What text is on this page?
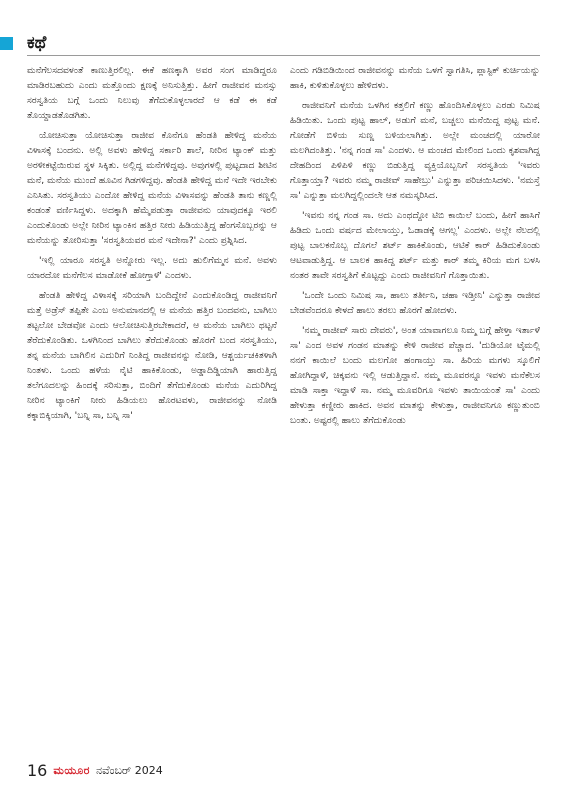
ಕಥೆ

ಮನೆಗೆಲಸದವಳಂತೆ ಕಾಣುತ್ತಿರಲಿಲ್ಲ. ಈಕೆ ಹಣಕ್ಕಾಗಿ ಅವರ ಸಂಗ ಮಾಡಿದ್ದರೂ ಮಾಡಿರಬಹುದು ಎಂದು ಮತ್ತೊಂದು ಕ್ಷಣಕ್ಕೆ ಅನಿಸುತ್ತಿತ್ತು. ಹೀಗೆ ರಾಜೀವನ ಮನಸ್ಸು ಸರಸ್ವತಿಯ ಬಗ್ಗೆ ಒಂದು ನಿಲುವು ತೆಗೆದುಕೊಳ್ಳಲಾರದೆ ಆ ಕಡೆ ಈ ಕಡೆ ತೊಯ್ದಾಡತೊಡಗಿತು.

ಯೋಚಿಸುತ್ತಾ ಯೋಚಿಸುತ್ತಾ ರಾಜೀವ ಕೊನೆಗೂ ಹೆಂಡತಿ ಹೇಳಿದ್ದ ಮನೆಯ ವಿಳಾಸಕ್ಕೆ ಬಂದನು. ಅಲ್ಲಿ ಅವಳು ಹೇಳಿದ್ದ ಸರ್ಕಾರಿ ಶಾಲೆ, ನೀರಿನ ಟ್ಯಾಂಕ್ ಮತ್ತು ಅರಳೀಕಟ್ಟೆಯಿರುವ ಸ್ಥಳ ಸಿಕ್ಕಿತು. ಅಲ್ಲಿದ್ದ ಮನೆಗಳಿದ್ದವು. ಅವುಗಳಲ್ಲಿ ಪುಟ್ಟದಾದ ಶೀಟಿನ ಮನೆ, ಮನೆಯ ಮುಂದೆ ಹೂವಿನ ಗಿಡಗಳಿದ್ದವು. ಹೆಂಡತಿ ಹೇಳಿದ್ದ ಮನೆ ಇದೇ ಇರಬೇಕು ಎನಿಸಿತು. ಸರಸ್ವತಿಯು ಎಂದೋ ಹೇಳಿದ್ದ ಮನೆಯ ವಿಳಾಸವನ್ನು ಹೆಂಡತಿ ತಾನು ಕಣ್ಣಲ್ಲಿ ಕಂಡಂತೆ ವರ್ಣಿಸಿದ್ದಳು. ಅದಕ್ಕಾಗಿ ಹೆಮ್ಮೆಪಡುತ್ತಾ ರಾಜೀವನು ಯಾವುದಕ್ಕೂ ಇರಲಿ ಎಂದುಕೊಂಡು ಅಲ್ಲೇ ನೀರಿನ ಟ್ಯಾಂಕಿನ ಹತ್ತಿರ ನೀರು ಹಿಡಿಯುತ್ತಿದ್ದ ಹೆಂಗಸೊಬ್ಬರನ್ನು ಆ ಮನೆಯನ್ನು ತೋರಿಸುತ್ತಾ 'ಸರಸ್ವತಿಯವರ ಮನೆ ಇದೇನಾ?' ಎಂದು ಪ್ರಶ್ನಿಸಿದ.

'ಇಲ್ಲಿ ಯಾರೂ ಸರಸ್ವತಿ ಅನ್ನೋರು ಇಲ್ಲ. ಅದು ಹುಲಿಗೆಮ್ಮನ ಮನೆ. ಅವಳು ಯಾರದೋ ಮನೆಗೆಲಸ ಮಾಡೋಕೆ ಹೋಗ್ತಾಳೆ' ಎಂದಳು.

ಹೆಂಡತಿ ಹೇಳಿದ್ದ ವಿಳಾಸಕ್ಕೆ ಸರಿಯಾಗಿ ಬಂದಿದ್ದೇನೆ ಎಂದುಕೊಂಡಿದ್ದ ರಾಜೀವನಿಗೆ ಮತ್ತೆ ಅಡ್ರೆಸ್ ತಪ್ಪಿತೇ ಎಂಬ ಅನುಮಾನದಲ್ಲಿ ಆ ಮನೆಯ ಹತ್ತಿರ ಬಂದವನು, ಬಾಗಿಲು ತಟ್ಟಲೋ ಬೇಡವೋ ಎಂದು ಆಲೋಚಿಸುತ್ತಿರಬೇಕಾದರೆ, ಆ ಮನೆಯ ಬಾಗಿಲು ಥಟ್ಟನೆ ತೆರೆದುಕೊಂಡಿತು. ಒಳಗಿನಿಂದ ಬಾಗಿಲು ತೆರೆದುಕೊಂಡು ಹೊರಗೆ ಬಂದ ಸರಸ್ವತಿಯು, ತನ್ನ ಮನೆಯ ಬಾಗಿಲಿನ ಎದುರಿಗೆ ನಿಂತಿದ್ದ ರಾಜೀವನನ್ನು ನೋಡಿ, ಆಶ್ಚರ್ಯಚಕಿತಳಾಗಿ ನಿಂತಳು. ಒಂದು ಹಳೆಯ ನೈಟಿ ಹಾಕಿಕೊಂಡು, ಅಡ್ಡಾದಿಡ್ಡಿಯಾಗಿ ಹಾರುತ್ತಿದ್ದ ತಲೆಗೂದಲನ್ನು ಹಿಂದಕ್ಕೆ ಸರಿಸುತ್ತಾ, ಬಿಂದಿಗೆ ತೆಗೆದುಕೊಂಡು ಮನೆಯ ಎದುರಿಗಿದ್ದ ನೀರಿನ ಟ್ಯಾಂಕಿಗೆ ನೀರು ಹಿಡಿಯಲು ಹೊರಟವಳು, ರಾಜೀವನನ್ನು ನೋಡಿ ಕಕ್ಕಾಬಿಕ್ಕಿಯಾಗಿ, 'ಬನ್ನಿ ಸಾ, ಬನ್ನಿ ಸಾ'

ಎಂದು ಗಡಿಬಿಡಿಯಿಂದ ರಾಜೀವನನ್ನು ಮನೆಯ ಒಳಗೆ ಸ್ವಾಗತಿಸಿ, ಪ್ಲಾಸ್ಟಿಕ್ ಕುರ್ಚಿಯನ್ನು ಹಾಕಿ, ಕುಳಿತುಕೊಳ್ಳಲು ಹೇಳಿದಳು.

ರಾಜೀವನಿಗೆ ಮನೆಯ ಒಳಗಿನ ಕತ್ತಲಿಗೆ ಕಣ್ಣು ಹೊಂದಿಸಿಕೊಳ್ಳಲು ಎರಡು ನಿಮಿಷ ಹಿಡಿಯಿತು. ಒಂದು ಪುಟ್ಟ ಹಾಲ್, ಅಡುಗೆ ಮನೆ, ಬಚ್ಚಲು ಮನೆಯಿದ್ದ ಪುಟ್ಟ ಮನೆ. ಗೋಡೆಗೆ ಬಿಳಿಯ ಸುಣ್ಣ ಬಳಿಯಲಾಗಿತ್ತು. ಅಲ್ಲೇ ಮಂಚದಲ್ಲಿ ಯಾರೋ ಮಲಗಿದಂತಿತ್ತು. 'ನನ್ನ ಗಂಡ ಸಾ' ಎಂದಳು. ಆ ಮಂಚದ ಮೇಲಿಂದ ಒಂದು ಕೃಶವಾಗಿದ್ದ ದೇಹದಿಂದ ಪಿಳಿಪಿಳಿ ಕಣ್ಣು ಬಿಡುತ್ತಿದ್ದ ವ್ಯಕ್ತಿಯೊಬ್ಬನಿಗೆ ಸರಸ್ವತಿಯ 'ಇವರು ಗೊತ್ತಾಯ್ತಾ? ಇವರು ನಮ್ಮ ರಾಜೀವ್ ಸಾಹೇಬ್ರು' ಎನ್ನುತ್ತಾ ಪರಿಚಯಿಸಿದಳು. 'ನಮಸ್ತೆ ಸಾ' ಎನ್ನುತ್ತಾ ಮಲಗಿದ್ದಲ್ಲಿಂದಲೇ ಆತ ನಮಸ್ಕರಿಸಿದ.

'ಇವನು ನನ್ನ ಗಂಡ ಸಾ. ಅದು ಎಂಥದ್ದೋ ಟಿಬಿ ಕಾಯಿಲೆ ಬಂದು, ಹೀಗೆ ಹಾಸಿಗೆ ಹಿಡಿದು ಒಂದು ವರ್ಷದ ಮೇಲಾಯ್ತು, ಓಡಾಡಕ್ಕೆ ಆಗಲ್ಲ' ಎಂದಳು. ಅಲ್ಲೇ ನೆಲದಲ್ಲಿ ಪುಟ್ಟ ಬಾಲಕನೊಬ್ಬ ದೊಗಲೆ ಶರ್ಟ್ ಹಾಕಿಕೊಂಡು, ಆಟಿಕೆ ಕಾರ್ ಹಿಡಿದುಕೊಂಡು ಆಟವಾಡುತ್ತಿದ್ದ. ಆ ಬಾಲಕ ಹಾಕಿದ್ದ ಶರ್ಟ್ ಮತ್ತು ಕಾರ್ ತಮ್ಮ ಕಿರಿಯ ಮಗ ಬಳಸಿ ನಂತರ ತಾವೇ ಸರಸ್ವತಿಗೆ ಕೊಟ್ಟದ್ದು ಎಂದು ರಾಜೀವನಿಗೆ ಗೊತ್ತಾಯಿತು.

'ಒಂದೇ ಒಂದು ನಿಮಿಷ ಸಾ, ಹಾಲು ತರ್ತೀನಿ, ಚಹಾ ಇಡ್ತೀನಿ' ಎನ್ನುತ್ತಾ ರಾಜೀವ ಬೇಡವೆಂದರೂ ಕೇಳದೆ ಹಾಲು ತರಲು ಹೊರಗೆ ಹೋದಳು.

'ನಮ್ಮ ರಾಜೀವ್ ಸಾರು ದೇವರು', ಅಂತ ಯಾವಾಗಲೂ ನಿಮ್ಮ ಬಗ್ಗೆ ಹೇಳ್ತಾ ಇರ್ತಾಳೆ ಸಾ' ಎಂದ ಅವಳ ಗಂಡನ ಮಾತನ್ನು ಕೇಳಿ ರಾಜೀವ ಪೆಚ್ಚಾದ. 'ದುಡಿಯೋ ಟೈಮಲ್ಲಿ ನನಗೆ ಕಾಯಿಲೆ ಬಂದು ಮಲಗೋ ಹಂಗಾಯ್ತು ಸಾ. ಹಿರಿಯ ಮಗಳು ಸ್ಕೂಲಿಗೆ ಹೋಗಿದ್ದಾಳೆ, ಚಿಕ್ಕವನು ಇಲ್ಲಿ ಆಡುತ್ತಿದ್ದಾನೆ. ನಮ್ಮ ಮೂವರನ್ನೂ ಇವಳು ಮನೆಕೆಲಸ ಮಾಡಿ ಸಾಕ್ತಾ ಇದ್ದಾಳೆ ಸಾ. ನಮ್ಮ ಮೂವರಿಗೂ ಇವಳು ತಾಯಿಯಂತೆ ಸಾ' ಎಂದು ಹೇಳುತ್ತಾ ಕಣ್ಣೀರು ಹಾಕಿದ. ಅವನ ಮಾತನ್ನು ಕೇಳುತ್ತಾ, ರಾಜೀವನಿಗೂ ಕಣ್ಣುತುಂಬಿ ಬಂತು. ಅಷ್ಟರಲ್ಲಿ ಹಾಲು ತೆಗೆದುಕೊಂಡು

16 ಮಯೂರ ನವೆಂಬರ್ 2024
